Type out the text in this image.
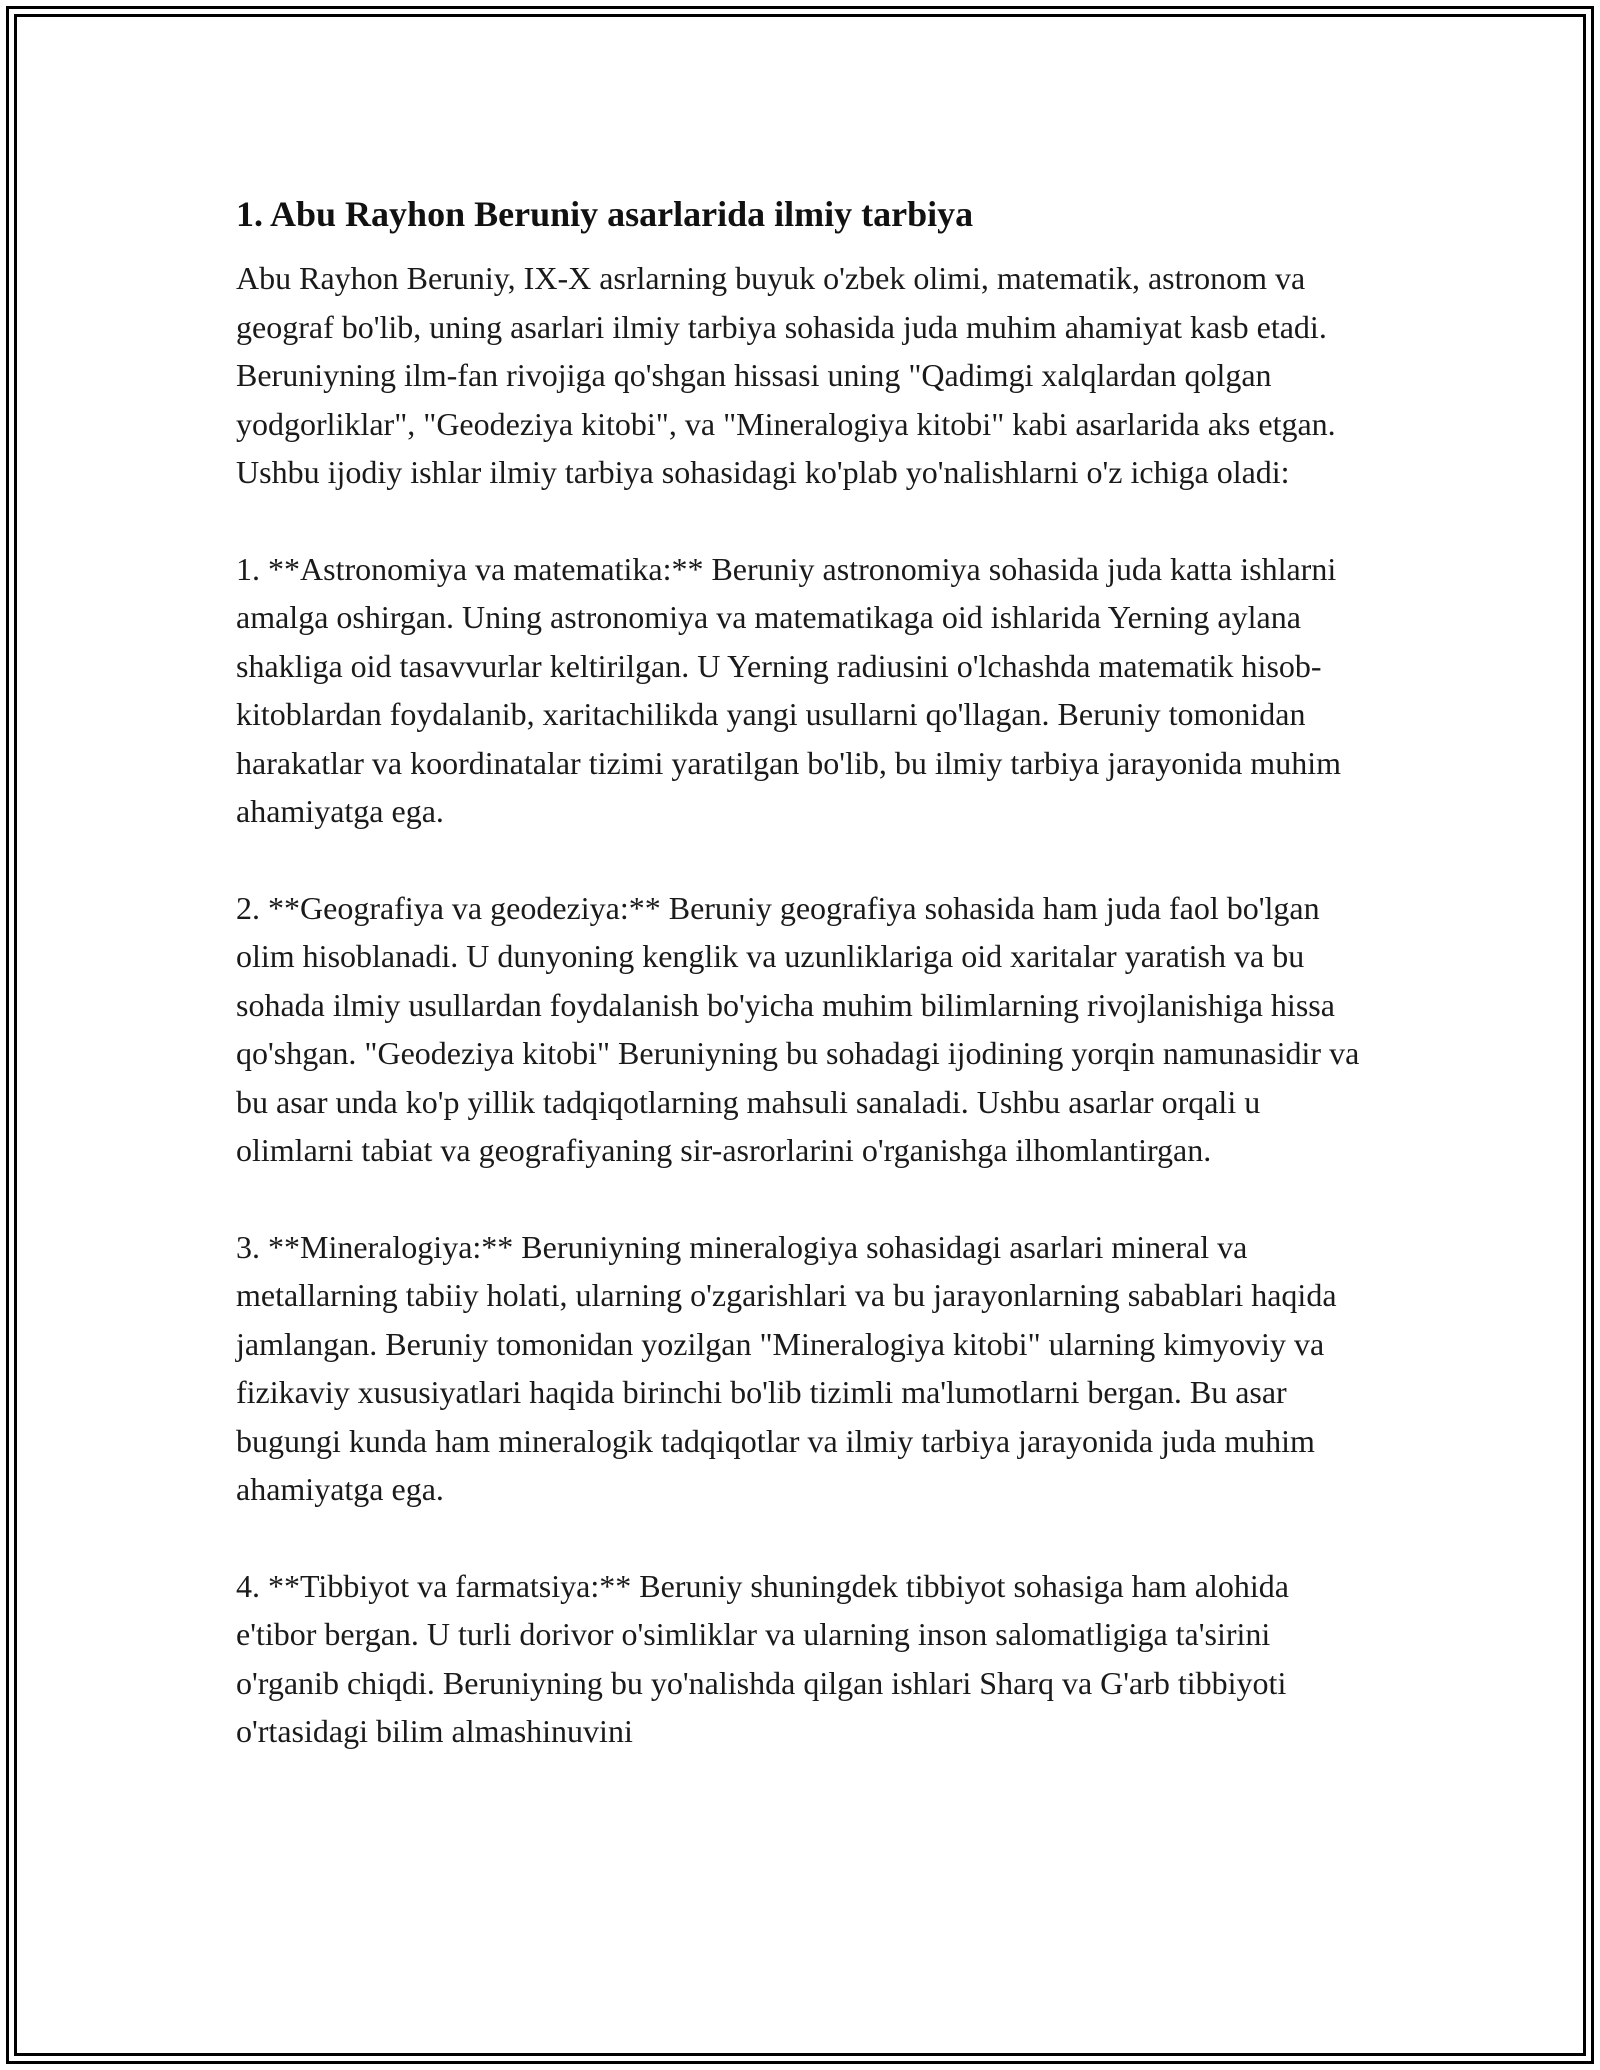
1. Abu Rayhon Beruniy asarlarida ilmiy tarbiya

Abu Rayhon Beruniy, IX-X asrlarning buyuk o'zbek olimi, matematik, astronom va geograf bo'lib, uning asarlari ilmiy tarbiya sohasida juda muhim ahamiyat kasb etadi. Beruniyning ilm-fan rivojiga qo'shgan hissasi uning "Qadimgi xalqlardan qolgan yodgorliklar", "Geodeziya kitobi", va "Mineralogiya kitobi" kabi asarlarida aks etgan. Ushbu ijodiy ishlar ilmiy tarbiya sohasidagi ko'plab yo'nalishlarni o'z ichiga oladi:

1. **Astronomiya va matematika:** Beruniy astronomiya sohasida juda katta ishlarni amalga oshirgan. Uning astronomiya va matematikaga oid ishlarida Yerning aylana shakliga oid tasavvurlar keltirilgan. U Yerning radiusini o'lchashda matematik hisob-kitoblardan foydalanib, xaritachilikda yangi usullarni qo'llagan. Beruniy tomonidan harakatlar va koordinatalar tizimi yaratilgan bo'lib, bu ilmiy tarbiya jarayonida muhim ahamiyatga ega.

2. **Geografiya va geodeziya:** Beruniy geografiya sohasida ham juda faol bo'lgan olim hisoblanadi. U dunyoning kenglik va uzunliklariga oid xaritalar yaratish va bu sohada ilmiy usullardan foydalanish bo'yicha muhim bilimlarning rivojlanishiga hissa qo'shgan. "Geodeziya kitobi" Beruniyning bu sohadagi ijodining yorqin namunasidir va bu asar unda ko'p yillik tadqiqotlarning mahsuli sanaladi. Ushbu asarlar orqali u olimlarni tabiat va geografiyaning sir-asrorlarini o'rganishga ilhomlantirgan.

3. **Mineralogiya:** Beruniyning mineralogiya sohasidagi asarlari mineral va metallarning tabiiy holati, ularning o'zgarishlari va bu jarayonlarning sabablari haqida jamlangan. Beruniy tomonidan yozilgan "Mineralogiya kitobi" ularning kimyoviy va fizikaviy xususiyatlari haqida birinchi bo'lib tizimli ma'lumotlarni bergan. Bu asar bugungi kunda ham mineralogik tadqiqotlar va ilmiy tarbiya jarayonida juda muhim ahamiyatga ega.

4. **Tibbiyot va farmatsiya:** Beruniy shuningdek tibbiyot sohasiga ham alohida e'tibor bergan. U turli dorivor o'simliklar va ularning inson salomatligiga ta'sirini o'rganib chiqdi. Beruniyning bu yo'nalishda qilgan ishlari Sharq va G'arb tibbiyoti o'rtasidagi bilim almashinuvini
